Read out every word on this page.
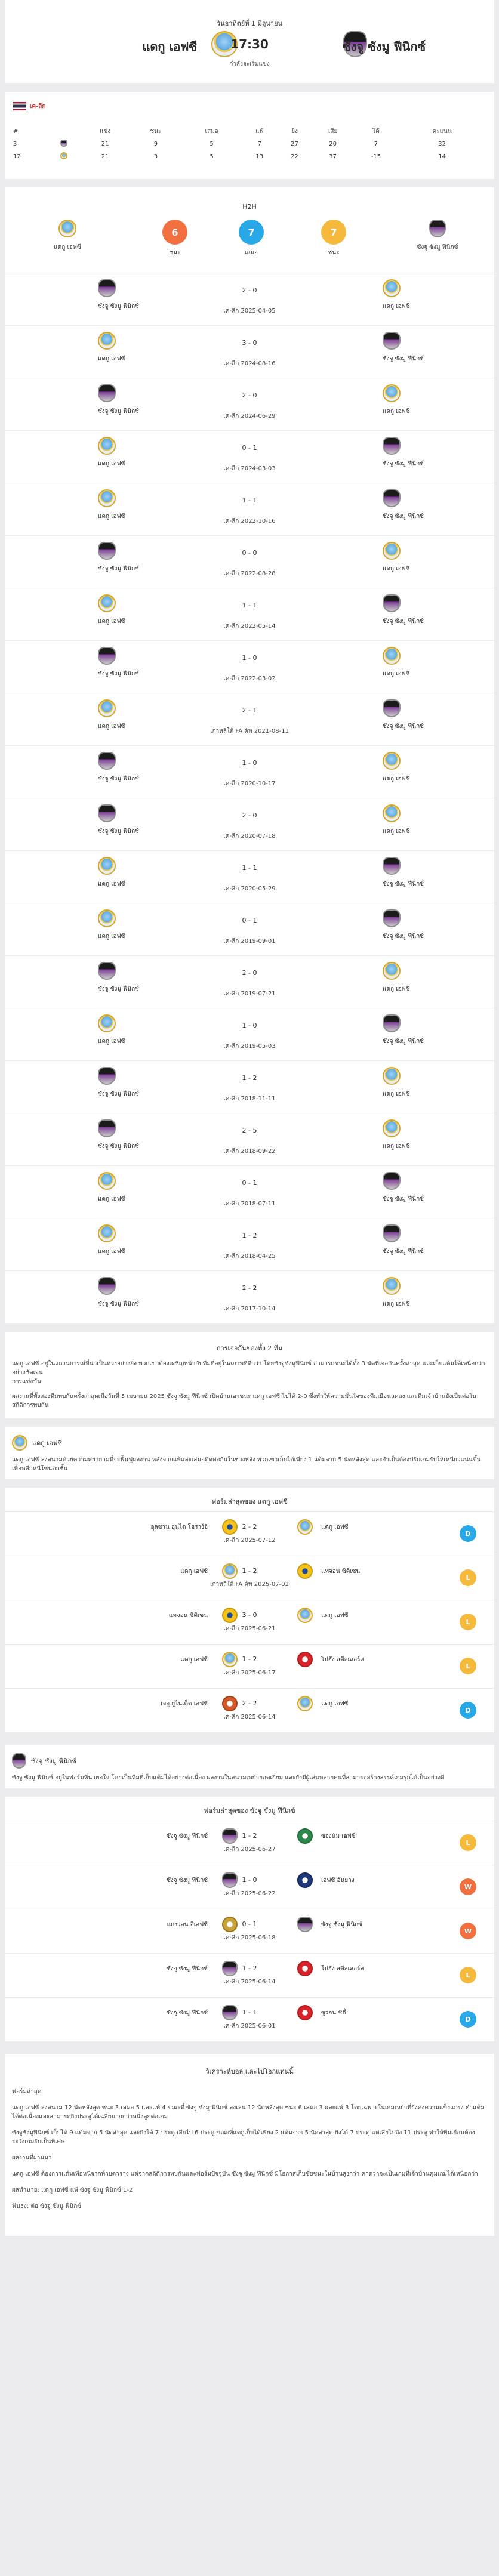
วันอาทิตย์ที่ 1 มิถุนายน
แดกู เอฟซี
	17:30	ซังจู ซังมู ฟีนิกซ์
กำลังจะเริ่มแข่ง
เค-ลีก
#		แข่ง	ชนะ	เสมอ	แพ้	ยิง	เสีย	ได้	คะแนน
3		21	9	5	7	27	20	7	32
12		21	3	5	13	22	37	-15	14
H2H
แดกู เอฟซี
6
ชนะ
7
เสมอ
7
ชนะ
ซังจู ซังมู ฟีนิกซ์
ซังจู ซังมู ฟีนิกซ์	แดกู เอฟซี
2 - 0
เค-ลีก 2025-04-05
แดกู เอฟซี	ซังจู ซังมู ฟีนิกซ์
3 - 0
เค-ลีก 2024-08-16
ซังจู ซังมู ฟีนิกซ์	แดกู เอฟซี
2 - 0
เค-ลีก 2024-06-29
แดกู เอฟซี	ซังจู ซังมู ฟีนิกซ์
0 - 1
เค-ลีก 2024-03-03
แดกู เอฟซี	ซังจู ซังมู ฟีนิกซ์
1 - 1
เค-ลีก 2022-10-16
ซังจู ซังมู ฟีนิกซ์	แดกู เอฟซี
0 - 0
เค-ลีก 2022-08-28
แดกู เอฟซี	ซังจู ซังมู ฟีนิกซ์
1 - 1
เค-ลีก 2022-05-14
ซังจู ซังมู ฟีนิกซ์	แดกู เอฟซี
1 - 0
เค-ลีก 2022-03-02
แดกู เอฟซี	ซังจู ซังมู ฟีนิกซ์
2 - 1
เกาหลีใต้ FA คัพ 2021-08-11
ซังจู ซังมู ฟีนิกซ์	แดกู เอฟซี
1 - 0
เค-ลีก 2020-10-17
ซังจู ซังมู ฟีนิกซ์	แดกู เอฟซี
2 - 0
เค-ลีก 2020-07-18
แดกู เอฟซี	ซังจู ซังมู ฟีนิกซ์
1 - 1
เค-ลีก 2020-05-29
แดกู เอฟซี	ซังจู ซังมู ฟีนิกซ์
0 - 1
เค-ลีก 2019-09-01
ซังจู ซังมู ฟีนิกซ์	แดกู เอฟซี
2 - 0
เค-ลีก 2019-07-21
แดกู เอฟซี	ซังจู ซังมู ฟีนิกซ์
1 - 0
เค-ลีก 2019-05-03
ซังจู ซังมู ฟีนิกซ์	แดกู เอฟซี
1 - 2
เค-ลีก 2018-11-11
ซังจู ซังมู ฟีนิกซ์	แดกู เอฟซี
2 - 5
เค-ลีก 2018-09-22
แดกู เอฟซี	ซังจู ซังมู ฟีนิกซ์
0 - 1
เค-ลีก 2018-07-11
แดกู เอฟซี	ซังจู ซังมู ฟีนิกซ์
1 - 2
เค-ลีก 2018-04-25
ซังจู ซังมู ฟีนิกซ์	แดกู เอฟซี
2 - 2
เค-ลีก 2017-10-14
การเจอกันของทั้ง 2 ทีม

แดกู เอฟซี อยู่ในสถานการณ์ที่น่าเป็นห่วงอย่างยิ่ง พวกเขาต้องเผชิญหน้ากับทีมที่อยู่ในสภาพที่ดีกว่า โดยซังจูซังมูฟีนิกซ์ สามารถชนะได้ทั้ง 3 นัดที่เจอกันครั้งล่าสุด และเก็บแต้มได้เหนือกว่าอย่างชัดเจน

การแข่งขัน

ผลงานที่ทั้งสองทีมพบกันครั้งล่าสุดเมื่อวันที่ 5 เมษายน 2025 ซังจู ซังมู ฟีนิกซ์ เปิดบ้านเอาชนะ แดกู เอฟซี ไปได้ 2-0 ซึ่งทำให้ความมั่นใจของทีมเยือนลดลง และทีมเจ้าบ้านยังเป็นต่อในสถิติการพบกัน

แดกู เอฟซี

แดกู เอฟซี ลงสนามด้วยความพยายามที่จะฟื้นฟูผลงาน หลังจากแพ้และเสมอติดต่อกันในช่วงหลัง พวกเขาเก็บได้เพียง 1 แต้มจาก 5 นัดหลังสุด และจำเป็นต้องปรับเกมรับให้เหนียวแน่นขึ้นเพื่อหลีกหนีโซนตกชั้น

ฟอร์มล่าสุดของ แดกู เอฟซี
อุลซาน ฮุนได โฮราง์อี	2 - 2
เค-ลีก 2025-07-12
แดกู เอฟซี
D
แดกู เอฟซี	1 - 2
เกาหลีใต้ FA คัพ 2025-07-02
แทจอน ซิติเซน
L
แทจอน ซิติเซน	3 - 0
เค-ลีก 2025-06-21
แดกู เอฟซี
L
แดกู เอฟซี	1 - 2
เค-ลีก 2025-06-17
โปฮัง สตีลเลอร์ส
L
เจจู ยูไนเต็ด เอฟซี	2 - 2
เค-ลีก 2025-06-14
แดกู เอฟซี
D
ซังจู ซังมู ฟีนิกซ์

ซังจู ซังมู ฟีนิกซ์ อยู่ในฟอร์มที่น่าพอใจ โดยเป็นทีมที่เก็บแต้มได้อย่างต่อเนื่อง ผลงานในสนามเหย้ายอดเยี่ยม และยังมีผู้เล่นหลายคนที่สามารถสร้างสรรค์เกมรุกได้เป็นอย่างดี

ฟอร์มล่าสุดของ ซังจู ซังมู ฟีนิกซ์
ซังจู ซังมู ฟีนิกซ์	1 - 2
เค-ลีก 2025-06-27
ซองนัม เอฟซี
L
ซังจู ซังมู ฟีนิกซ์	1 - 0
เค-ลีก 2025-06-22
เอฟซี อันยาง
W
แกงวอน อีเอฟซี	0 - 1
เค-ลีก 2025-06-18
ซังจู ซังมู ฟีนิกซ์
W
ซังจู ซังมู ฟีนิกซ์	1 - 2
เค-ลีก 2025-06-14
โปฮัง สตีลเลอร์ส
L
ซังจู ซังมู ฟีนิกซ์	1 - 1
เค-ลีก 2025-06-01
ซูวอน ซิตี้
D
วิเคราะห์บอล และไปโอกแทนนี้

ฟอร์มล่าสุด

แดกู เอฟซี ลงสนาม 12 นัดหลังสุด ชนะ 3 เสมอ 5 และแพ้ 4 ขณะที่ ซังจู ซังมู ฟีนิกซ์ ลงเล่น 12 นัดหลังสุด ชนะ 6 เสมอ 3 และแพ้ 3 โดยเฉพาะในเกมเหย้าที่ยังคงความแข็งแกร่ง ทำแต้มได้ต่อเนื่องและสามารถยิงประตูได้เฉลี่ยมากกว่าหนึ่งลูกต่อเกม

ซังจูซังมูฟีนิกซ์ เก็บได้ 9 แต้มจาก 5 นัดล่าสุด และยิงได้ 7 ประตู เสียไป 6 ประตู ขณะที่แดกูเก็บได้เพียง 2 แต้มจาก 5 นัดล่าสุด ยิงได้ 7 ประตู แต่เสียไปถึง 11 ประตู ทำให้ทีมเยือนต้องระวังเกมรับเป็นพิเศษ

ผลงานที่ผ่านมา

แดกู เอฟซี ต้องการแต้มเพื่อหนีจากท้ายตาราง แต่จากสถิติการพบกันและฟอร์มปัจจุบัน ซังจู ซังมู ฟีนิกซ์ มีโอกาสเก็บชัยชนะในบ้านสูงกว่า คาดว่าจะเป็นเกมที่เจ้าบ้านคุมเกมได้เหนือกว่า

ผลทำนาย: แดกู เอฟซี แพ้ ซังจู ซังมู ฟีนิกซ์ 1-2

ฟันธง: ต่อ ซังจู ซังมู ฟีนิกซ์
